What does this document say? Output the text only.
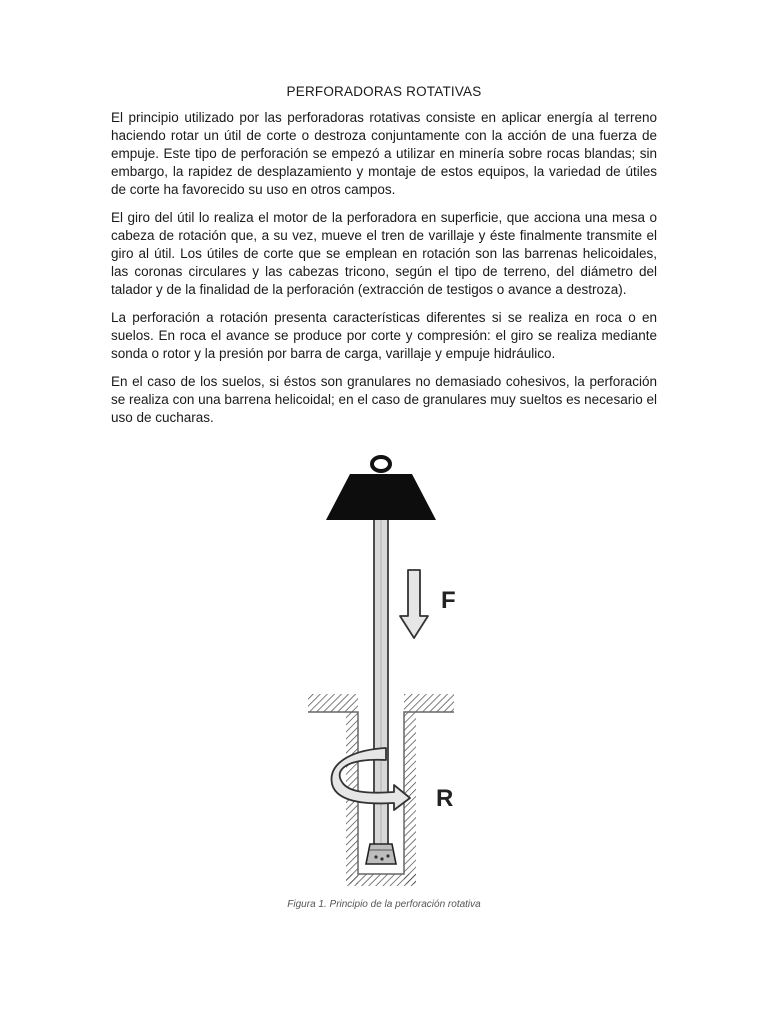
PERFORADORAS ROTATIVAS

El principio utilizado por las perforadoras rotativas consiste en aplicar energía al terreno haciendo rotar un útil de corte o destroza conjuntamente con la acción de una fuerza de empuje. Este tipo de perforación se empezó a utilizar en minería sobre rocas blandas; sin embargo, la rapidez de desplazamiento y montaje de estos equipos, la variedad de útiles de corte ha favorecido su uso en otros campos.

El giro del útil lo realiza el motor de la perforadora en superficie, que acciona una mesa o cabeza de rotación que, a su vez, mueve el tren de varillaje y éste finalmente transmite el giro al útil. Los útiles de corte que se emplean en rotación son las barrenas helicoidales, las coronas circulares y las cabezas tricono, según el tipo de terreno, del diámetro del talador y de la finalidad de la perforación (extracción de testigos o avance a destroza).

La perforación a rotación presenta características diferentes si se realiza en roca o en suelos. En roca el avance se produce por corte y compresión: el giro se realiza mediante sonda o rotor y la presión por barra de carga, varillaje y empuje hidráulico.

En el caso de los suelos, si éstos son granulares no demasiado cohesivos, la perforación se realiza con una barrena helicoidal; en el caso de granulares muy sueltos es necesario el uso de cucharas.

F
R
Figura 1. Principio de la perforación rotativa
